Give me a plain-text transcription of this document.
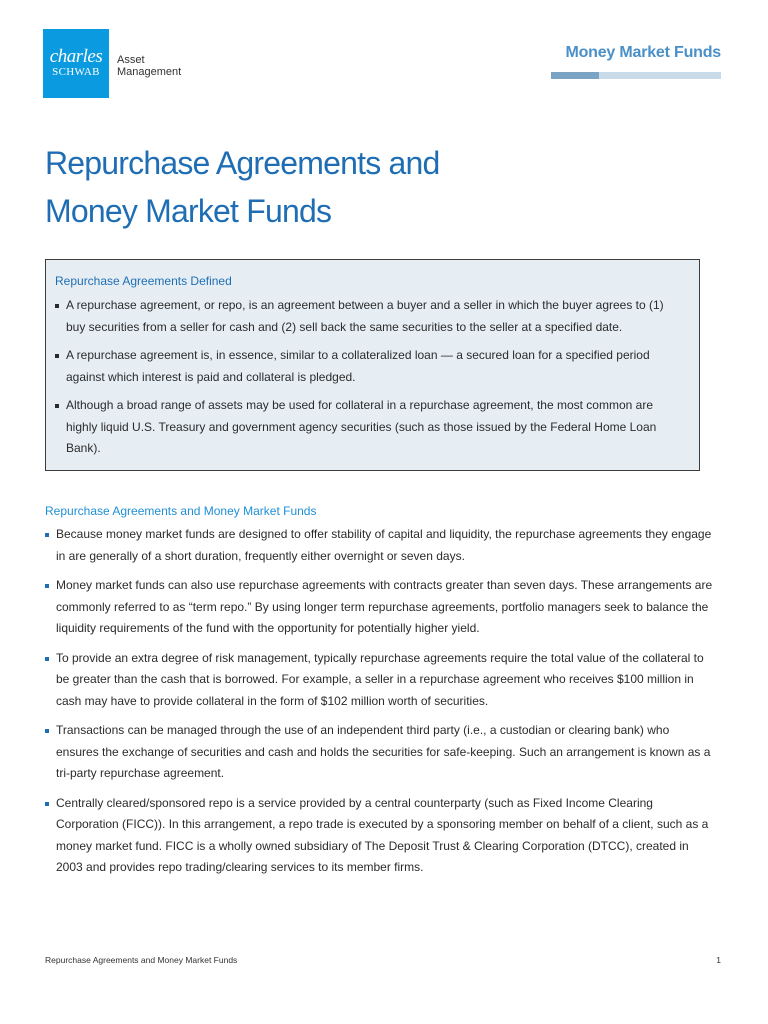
charles
SCHWAB
Asset
Management
Money Market Funds
Repurchase Agreements and
Money Market Funds
Repurchase Agreements Defined
A repurchase agreement, or repo, is an agreement between a buyer and a seller in which the buyer agrees to (1) buy securities from a seller for cash and (2) sell back the same securities to the seller at a specified date.
A repurchase agreement is, in essence, similar to a collateralized loan — a secured loan for a specified period against which interest is paid and collateral is pledged.
Although a broad range of assets may be used for collateral in a repurchase agreement, the most common are highly liquid U.S. Treasury and government agency securities (such as those issued by the Federal Home Loan Bank).
Repurchase Agreements and Money Market Funds
Because money market funds are designed to offer stability of capital and liquidity, the repurchase agreements they engage in are generally of a short duration, frequently either overnight or seven days.
Money market funds can also use repurchase agreements with contracts greater than seven days. These arrangements are commonly referred to as “term repo.” By using longer term repurchase agreements, portfolio managers seek to balance the liquidity requirements of the fund with the opportunity for potentially higher yield.
To provide an extra degree of risk management, typically repurchase agreements require the total value of the collateral to be greater than the cash that is borrowed. For example, a seller in a repurchase agreement who receives $100 million in cash may have to provide collateral in the form of $102 million worth of securities.
Transactions can be managed through the use of an independent third party (i.e., a custodian or clearing bank) who ensures the exchange of securities and cash and holds the securities for safe-keeping. Such an arrangement is known as a tri-party repurchase agreement.
Centrally cleared/sponsored repo is a service provided by a central counterparty (such as Fixed Income Clearing Corporation (FICC)). In this arrangement, a repo trade is executed by a sponsoring member on behalf of a client, such as a money market fund. FICC is a wholly owned subsidiary of The Deposit Trust & Clearing Corporation (DTCC), created in 2003 and provides repo trading/clearing services to its member firms.
Repurchase Agreements and Money Market Funds	1
